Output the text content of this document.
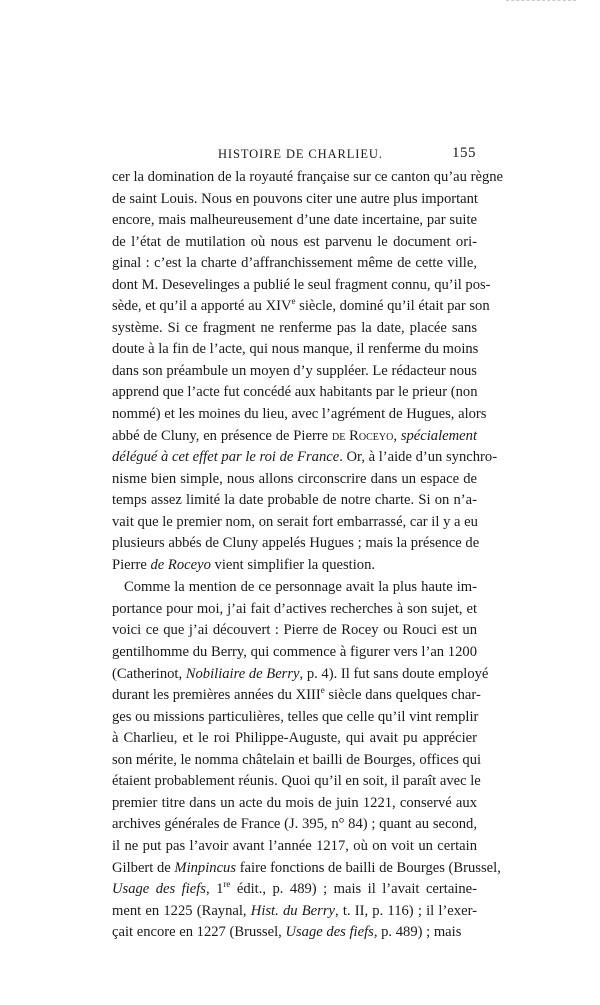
HISTOIRE DE CHARLIEU.	155
cer la domination de la royauté française sur ce canton qu’au règne
de saint Louis. Nous en pouvons citer une autre plus important
encore, mais malheureusement d’une date incertaine, par suite
de l’état de mutilation où nous est parvenu le document ori-
ginal : c’est la charte d’affranchissement même de cette ville,
dont M. Desevelinges a publié le seul fragment connu, qu’il pos-
sède, et qu’il a apporté au XIVe siècle, dominé qu’il était par son
système. Si ce fragment ne renferme pas la date, placée sans
doute à la fin de l’acte, qui nous manque, il renferme du moins
dans son préambule un moyen d’y suppléer. Le rédacteur nous
apprend que l’acte fut concédé aux habitants par le prieur (non
nommé) et les moines du lieu, avec l’agrément de Hugues, alors
abbé de Cluny, en présence de Pierre de Roceyo, spécialement
délégué à cet effet par le roi de France. Or, à l’aide d’un synchro-
nisme bien simple, nous allons circonscrire dans un espace de
temps assez limité la date probable de notre charte. Si on n’a-
vait que le premier nom, on serait fort embarrassé, car il y a eu
plusieurs abbés de Cluny appelés Hugues ; mais la présence de
Pierre de Roceyo vient simplifier la question.
Comme la mention de ce personnage avait la plus haute im-
portance pour moi, j’ai fait d’actives recherches à son sujet, et
voici ce que j’ai découvert : Pierre de Rocey ou Rouci est un
gentilhomme du Berry, qui commence à figurer vers l’an 1200
(Catherinot, Nobiliaire de Berry, p. 4). Il fut sans doute employé
durant les premières années du XIIIe siècle dans quelques char-
ges ou missions particulières, telles que celle qu’il vint remplir
à Charlieu, et le roi Philippe-Auguste, qui avait pu apprécier
son mérite, le nomma châtelain et bailli de Bourges, offices qui
étaient probablement réunis. Quoi qu’il en soit, il paraît avec le
premier titre dans un acte du mois de juin 1221, conservé aux
archives générales de France (J. 395, n° 84) ; quant au second,
il ne put pas l’avoir avant l’année 1217, où on voit un certain
Gilbert de Minpincus faire fonctions de bailli de Bourges (Brussel,
Usage des fiefs, 1re édit., p. 489) ; mais il l’avait certaine-
ment en 1225 (Raynal, Hist. du Berry, t. II, p. 116) ; il l’exer-
çait encore en 1227 (Brussel, Usage des fiefs, p. 489) ; mais
